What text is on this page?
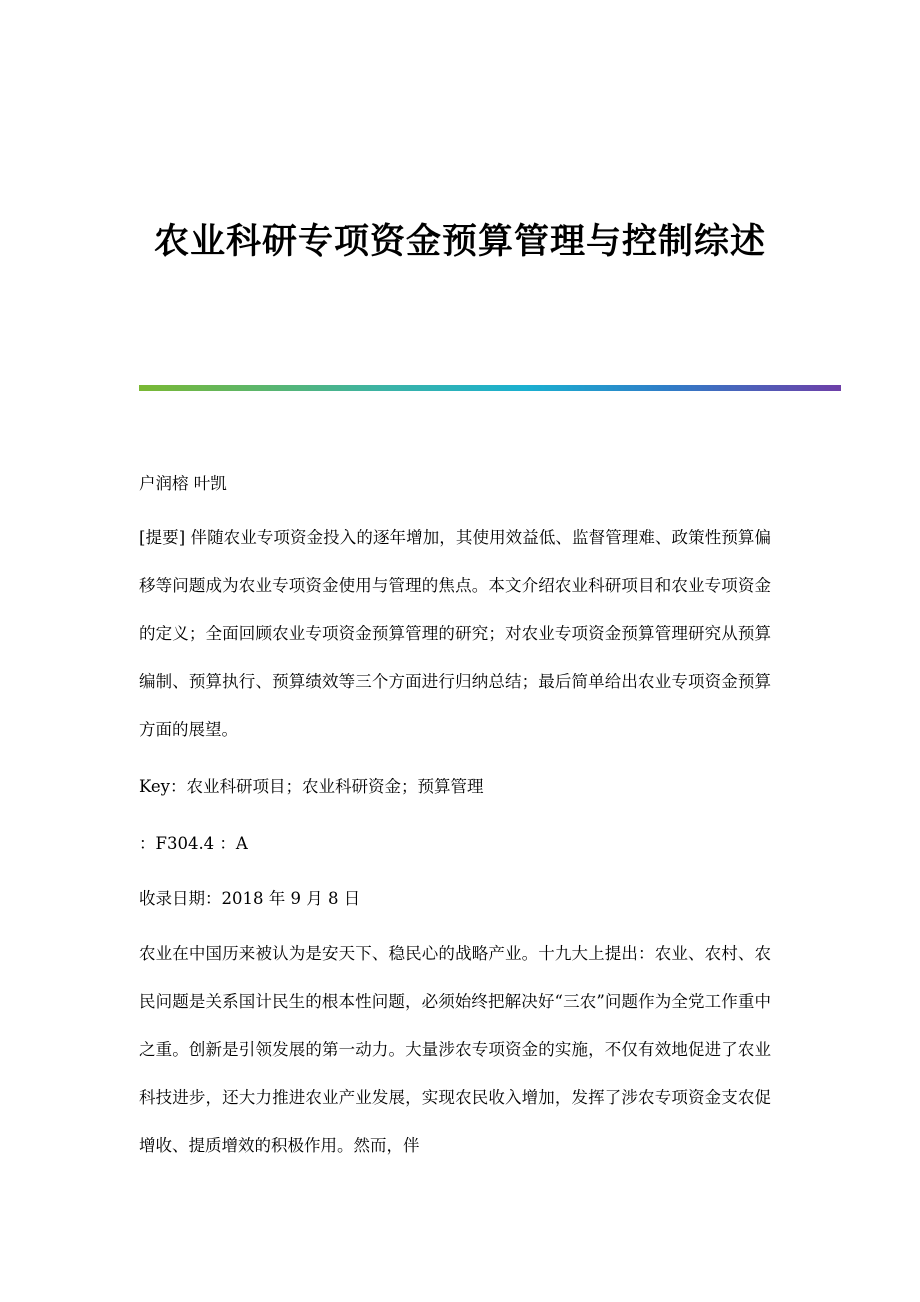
农业科研专项资金预算管理与控制综述

户润榕 叶凯

[提要] 伴随农业专项资金投入的逐年增加，其使用效益低、监督管理难、政策性预算偏移等问题成为农业专项资金使用与管理的焦点。本文介绍农业科研项目和农业专项资金的定义；全面回顾农业专项资金预算管理的研究；对农业专项资金预算管理研究从预算编制、预算执行、预算绩效等三个方面进行归纳总结；最后简单给出农业专项资金预算方面的展望。

Key：农业科研项目；农业科研资金；预算管理

：F304.4 ：A

收录日期：2018 年 9 月 8 日

农业在中国历来被认为是安天下、稳民心的战略产业。十九大上提出：农业、农村、农民问题是关系国计民生的根本性问题，必须始终把解决好“三农”问题作为全党工作重中之重。创新是引领发展的第一动力。大量涉农专项资金的实施，不仅有效地促进了农业科技进步，还大力推进农业产业发展，实现农民收入增加，发挥了涉农专项资金支农促增收、提质增效的积极作用。然而，伴
